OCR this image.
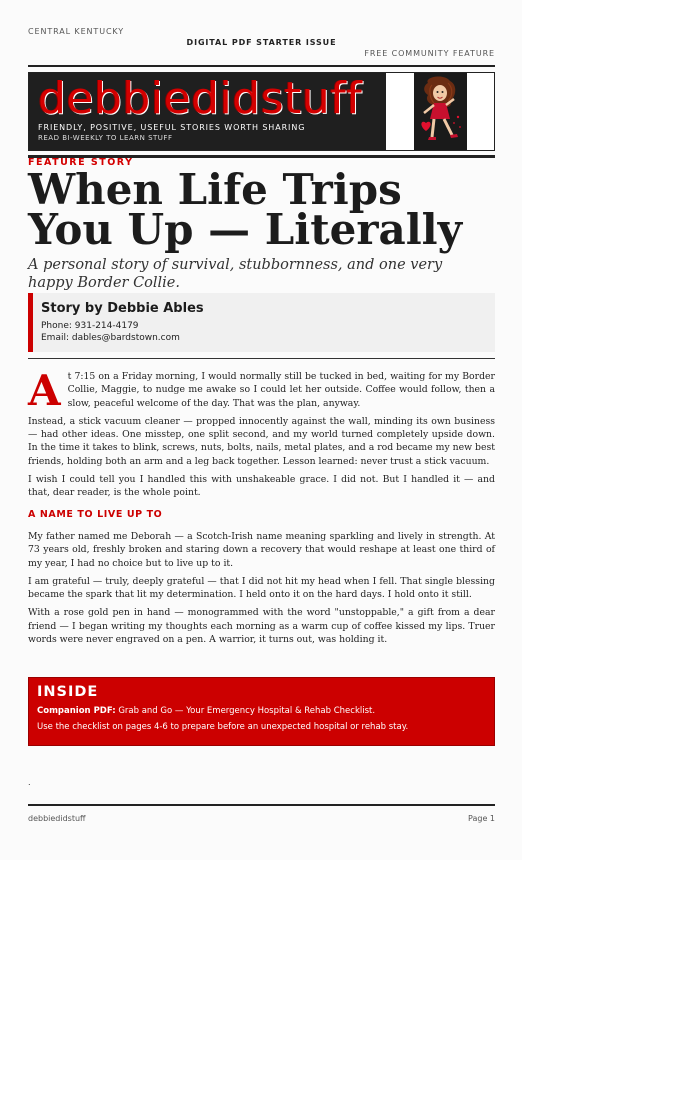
CENTRAL KENTUCKY
DIGITAL PDF STARTER ISSUE
FREE COMMUNITY FEATURE
debbiedidstuff
FRIENDLY, POSITIVE, USEFUL STORIES WORTH SHARING
READ BI-WEEKLY TO LEARN STUFF
FEATURE STORY
When Life Trips You Up — Literally
A personal story of survival, stubbornness, and one very happy Border Collie.
Story by Debbie Ables
Phone: 931-214-4179
Email: dables@bardstown.com

At 7:15 on a Friday morning, I would normally still be tucked in bed, waiting for my Border Collie, Maggie, to nudge me awake so I could let her outside. Coffee would follow, then a slow, peaceful welcome of the day. That was the plan, anyway.

Instead, a stick vacuum cleaner — propped innocently against the wall, minding its own business — had other ideas. One misstep, one split second, and my world turned completely upside down. In the time it takes to blink, screws, nuts, bolts, nails, metal plates, and a rod became my new best friends, holding both an arm and a leg back together. Lesson learned: never trust a stick vacuum.

I wish I could tell you I handled this with unshakeable grace. I did not. But I handled it — and that, dear reader, is the whole point.

A NAME TO LIVE UP TO

My father named me Deborah — a Scotch-Irish name meaning sparkling and lively in strength. At 73 years old, freshly broken and staring down a recovery that would reshape at least one third of my year, I had no choice but to live up to it.

I am grateful — truly, deeply grateful — that I did not hit my head when I fell. That single blessing became the spark that lit my determination. I held onto it on the hard days. I hold onto it still.

With a rose gold pen in hand — monogrammed with the word "unstoppable," a gift from a dear friend — I began writing my thoughts each morning as a warm cup of coffee kissed my lips. Truer words were never engraved on a pen. A warrior, it turns out, was holding it.

INSIDE
Companion PDF: Grab and Go — Your Emergency Hospital & Rehab Checklist.
Use the checklist on pages 4-6 to prepare before an unexpected hospital or rehab stay.
.
debbiedidstuff	Page 1
